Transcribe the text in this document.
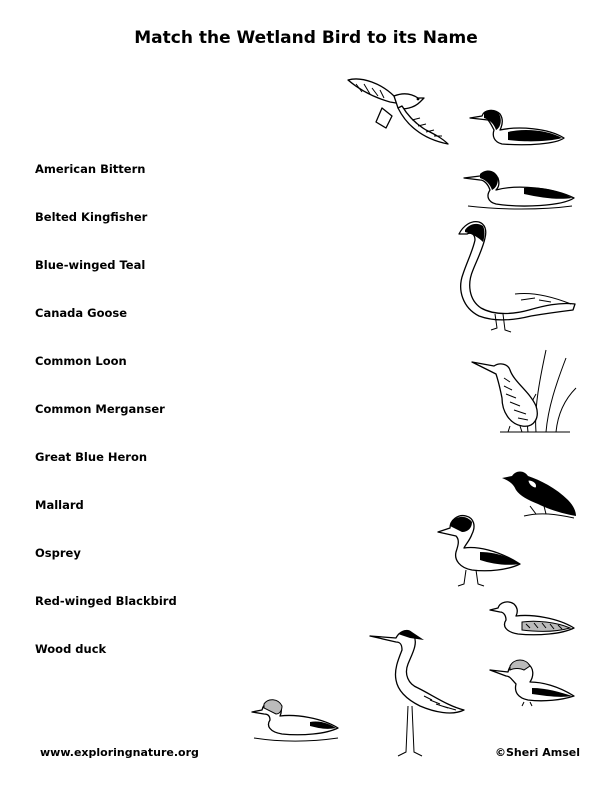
Match the Wetland Bird to its Name
American Bittern
Belted Kingfisher
Blue-winged Teal
Canada Goose
Common Loon
Common Merganser
Great Blue Heron
Mallard
Osprey
Red-winged Blackbird
Wood duck
www.exploringnature.org	©Sheri Amsel
